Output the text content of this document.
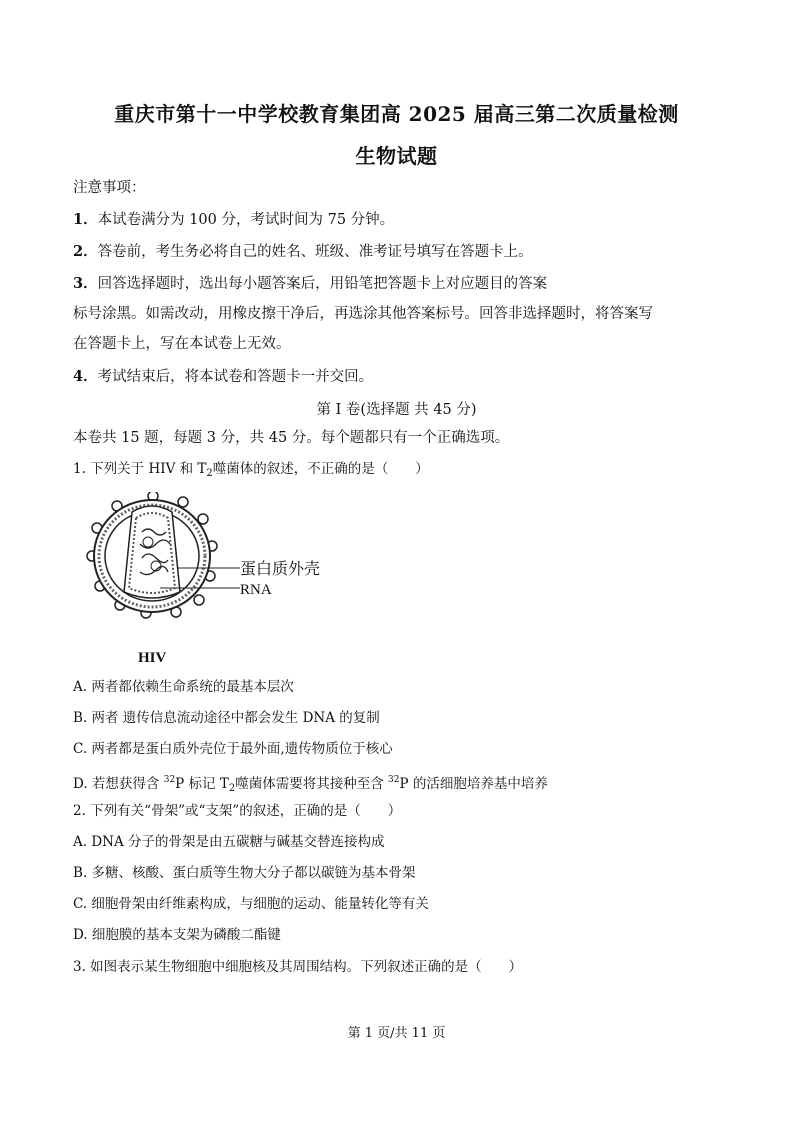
重庆市第十一中学校教育集团高 2025 届高三第二次质量检测
生物试题
注意事项：
1．本试卷满分为 100 分，考试时间为 75 分钟。
2．答卷前，考生务必将自己的姓名、班级、准考证号填写在答题卡上。
3．回答选择题时，选出每小题答案后，用铅笔把答题卡上对应题目的答案
标号涂黑。如需改动，用橡皮擦干净后，再选涂其他答案标号。回答非选择题时，将答案写
在答题卡上，写在本试卷上无效。
4．考试结束后，将本试卷和答题卡一并交回。
第 I 卷(选择题 共 45 分)
本卷共 15 题，每题 3 分，共 45 分。每个题都只有一个正确选项。
1. 下列关于 HIV 和 $T_2$噬菌体的叙述，不正确的是（　　）
蛋白质外壳
RNA
HIV
A. 两者都依赖生命系统的最基本层次
B. 两者 遗传信息流动途径中都会发生 DNA 的复制
C. 两者都是蛋白质外壳位于最外面,遗传物质位于核心
D. 若想获得含 $^{32}$P 标记 $T_2$噬菌体需要将其接种至含 $^{32}$P 的活细胞培养基中培养
2. 下列有关“骨架”或“支架”的叙述，正确的是（　　）
A. DNA 分子的骨架是由五碳糖与碱基交替连接构成
B. 多糖、核酸、蛋白质等生物大分子都以碳链为基本骨架
C. 细胞骨架由纤维素构成，与细胞的运动、能量转化等有关
D. 细胞膜的基本支架为磷酸二酯键
3. 如图表示某生物细胞中细胞核及其周围结构。下列叙述正确的是（　　）
第 1 页/共 11 页
